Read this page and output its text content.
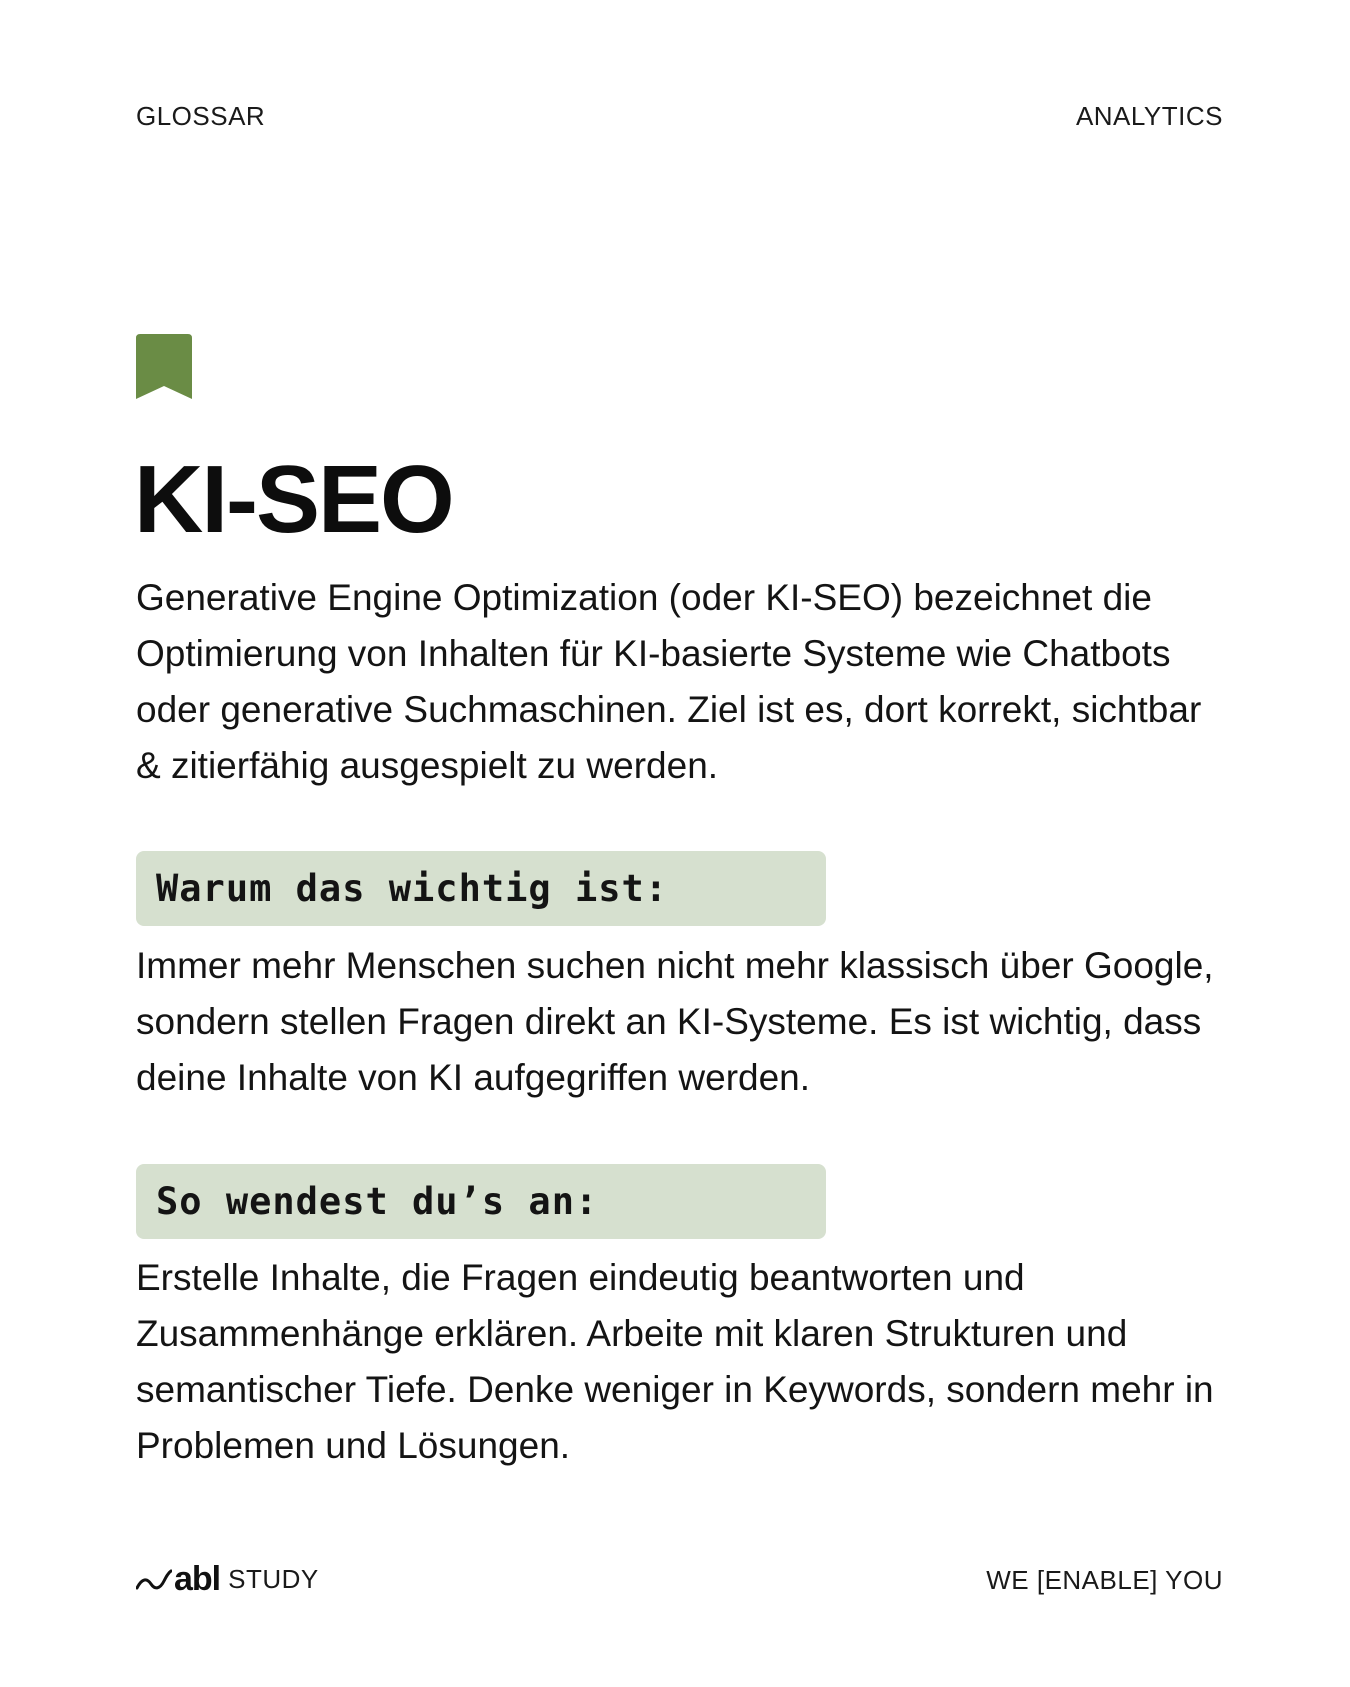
GLOSSAR	ANALYTICS
KI-SEO

Generative Engine Optimization (oder KI-SEO) bezeichnet die Optimierung von Inhalten für KI-basierte Systeme wie Chatbots oder generative Suchmaschinen. Ziel ist es, dort korrekt, sichtbar & zitierfähig ausgespielt zu werden.

Warum das wichtig ist:

Immer mehr Menschen suchen nicht mehr klassisch über Google, sondern stellen Fragen direkt an KI-Systeme. Es ist wichtig, dass deine Inhalte von KI aufgegriffen werden.

So wendest du’s an:

Erstelle Inhalte, die Fragen eindeutig beantworten und Zusammenhänge erklären. Arbeite mit klaren Strukturen und semantischer Tiefe. Denke weniger in Keywords, sondern mehr in Problemen und Lösungen.

abl STUDY	WE [ENABLE] YOU
